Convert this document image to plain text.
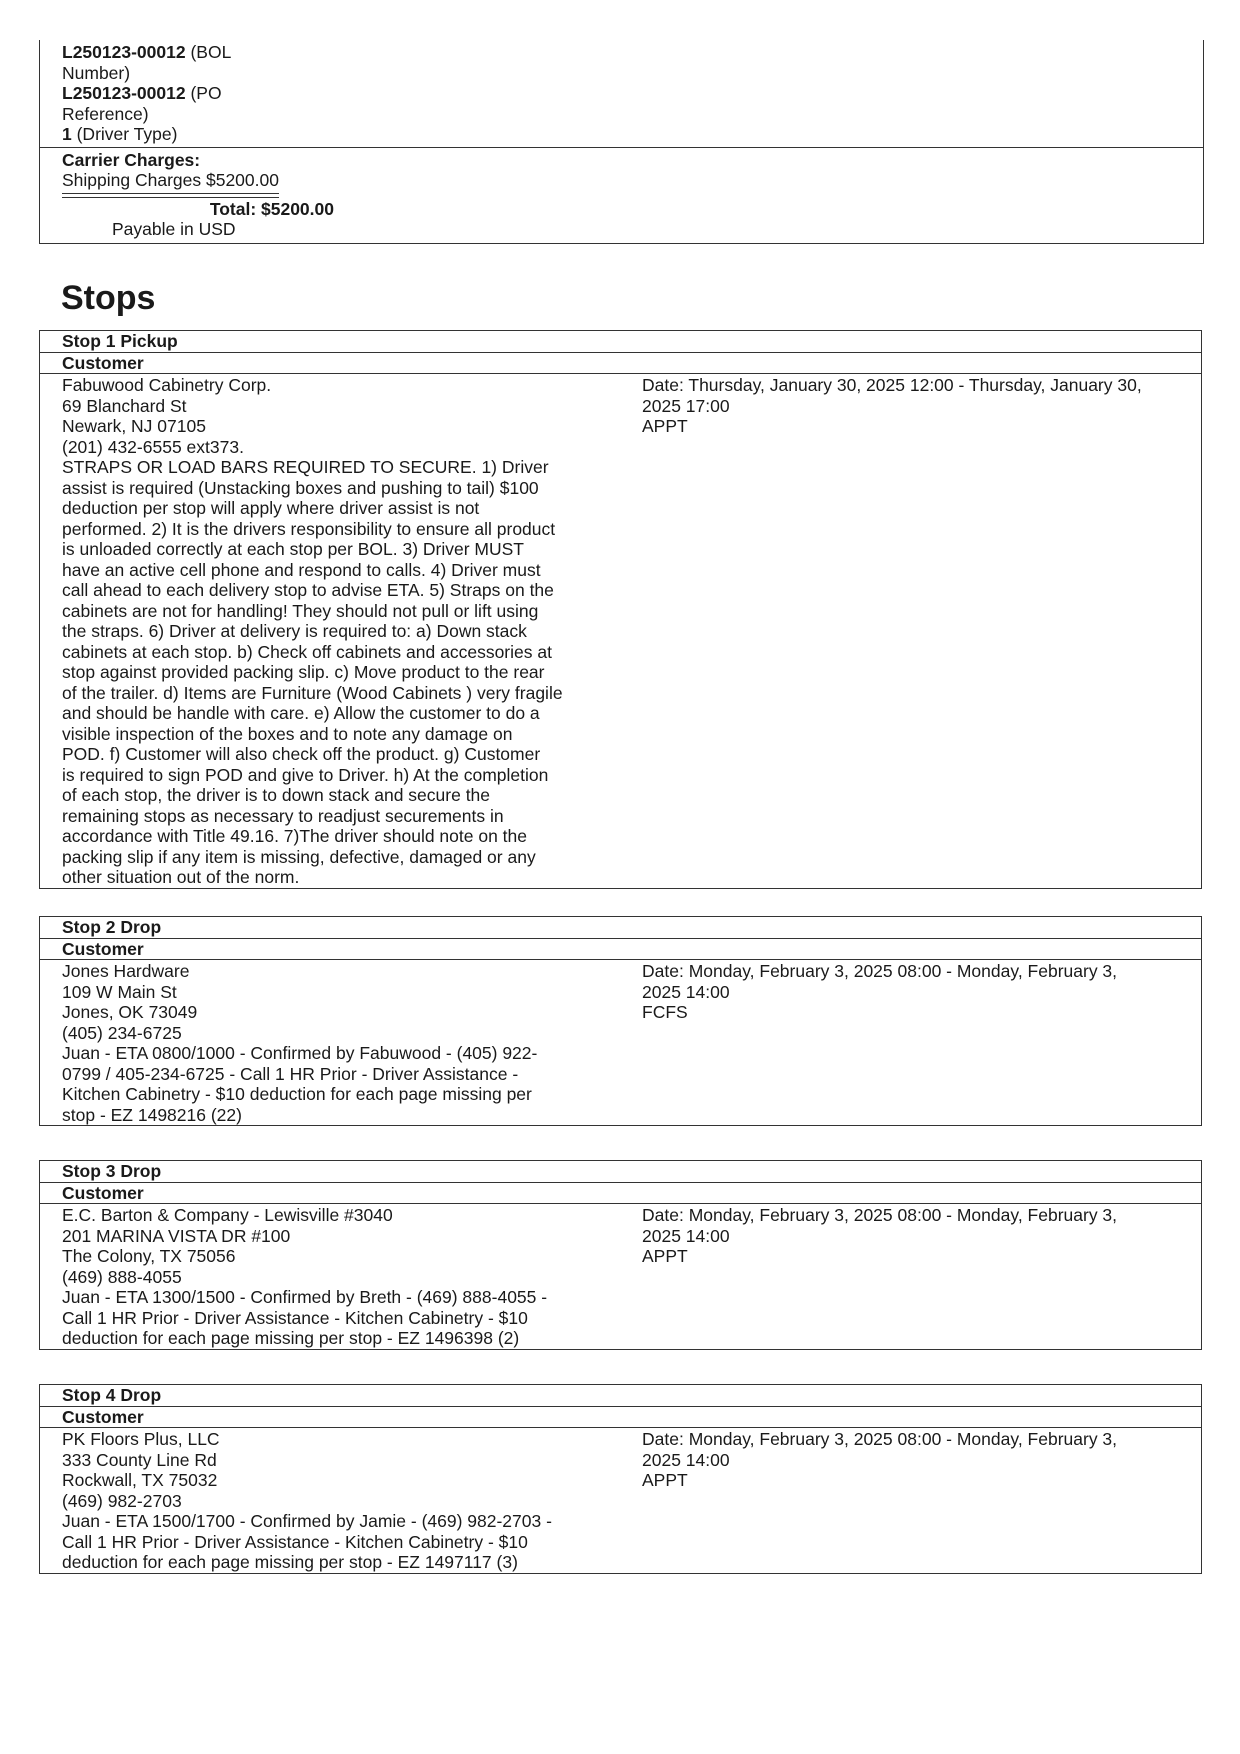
L250123-00012 (BOL
Number)
L250123-00012 (PO
Reference)
1 (Driver Type)
Carrier Charges:
Shipping Charges $5200.00
Total: $5200.00
Payable in USD
Stops
Stop 1 Pickup
Customer
Fabuwood Cabinetry Corp.
69 Blanchard St
Newark, NJ 07105
(201) 432-6555 ext373.
STRAPS OR LOAD BARS REQUIRED TO SECURE. 1) Driver
assist is required (Unstacking boxes and pushing to tail) $100
deduction per stop will apply where driver assist is not
performed. 2) It is the drivers responsibility to ensure all product
is unloaded correctly at each stop per BOL. 3) Driver MUST
have an active cell phone and respond to calls. 4) Driver must
call ahead to each delivery stop to advise ETA. 5) Straps on the
cabinets are not for handling! They should not pull or lift using
the straps. 6) Driver at delivery is required to: a) Down stack
cabinets at each stop. b) Check off cabinets and accessories at
stop against provided packing slip. c) Move product to the rear
of the trailer. d) Items are Furniture (Wood Cabinets ) very fragile
and should be handle with care. e) Allow the customer to do a
visible inspection of the boxes and to note any damage on
POD. f) Customer will also check off the product. g) Customer
is required to sign POD and give to Driver. h) At the completion
of each stop, the driver is to down stack and secure the
remaining stops as necessary to readjust securements in
accordance with Title 49.16. 7)The driver should note on the
packing slip if any item is missing, defective, damaged or any
other situation out of the norm.
Date: Thursday, January 30, 2025 12:00 - Thursday, January 30,
2025 17:00
APPT
Stop 2 Drop
Customer
Jones Hardware
109 W Main St
Jones, OK 73049
(405) 234-6725
Juan - ETA 0800/1000 - Confirmed by Fabuwood - (405) 922-
0799 / 405-234-6725 - Call 1 HR Prior - Driver Assistance -
Kitchen Cabinetry - $10 deduction for each page missing per
stop - EZ 1498216 (22)
Date: Monday, February 3, 2025 08:00 - Monday, February 3,
2025 14:00
FCFS
Stop 3 Drop
Customer
E.C. Barton & Company - Lewisville #3040
201 MARINA VISTA DR #100
The Colony, TX 75056
(469) 888-4055
Juan - ETA 1300/1500 - Confirmed by Breth - (469) 888-4055 -
Call 1 HR Prior - Driver Assistance - Kitchen Cabinetry - $10
deduction for each page missing per stop - EZ 1496398 (2)
Date: Monday, February 3, 2025 08:00 - Monday, February 3,
2025 14:00
APPT
Stop 4 Drop
Customer
PK Floors Plus, LLC
333 County Line Rd
Rockwall, TX 75032
(469) 982-2703
Juan - ETA 1500/1700 - Confirmed by Jamie - (469) 982-2703 -
Call 1 HR Prior - Driver Assistance - Kitchen Cabinetry - $10
deduction for each page missing per stop - EZ 1497117 (3)
Date: Monday, February 3, 2025 08:00 - Monday, February 3,
2025 14:00
APPT
